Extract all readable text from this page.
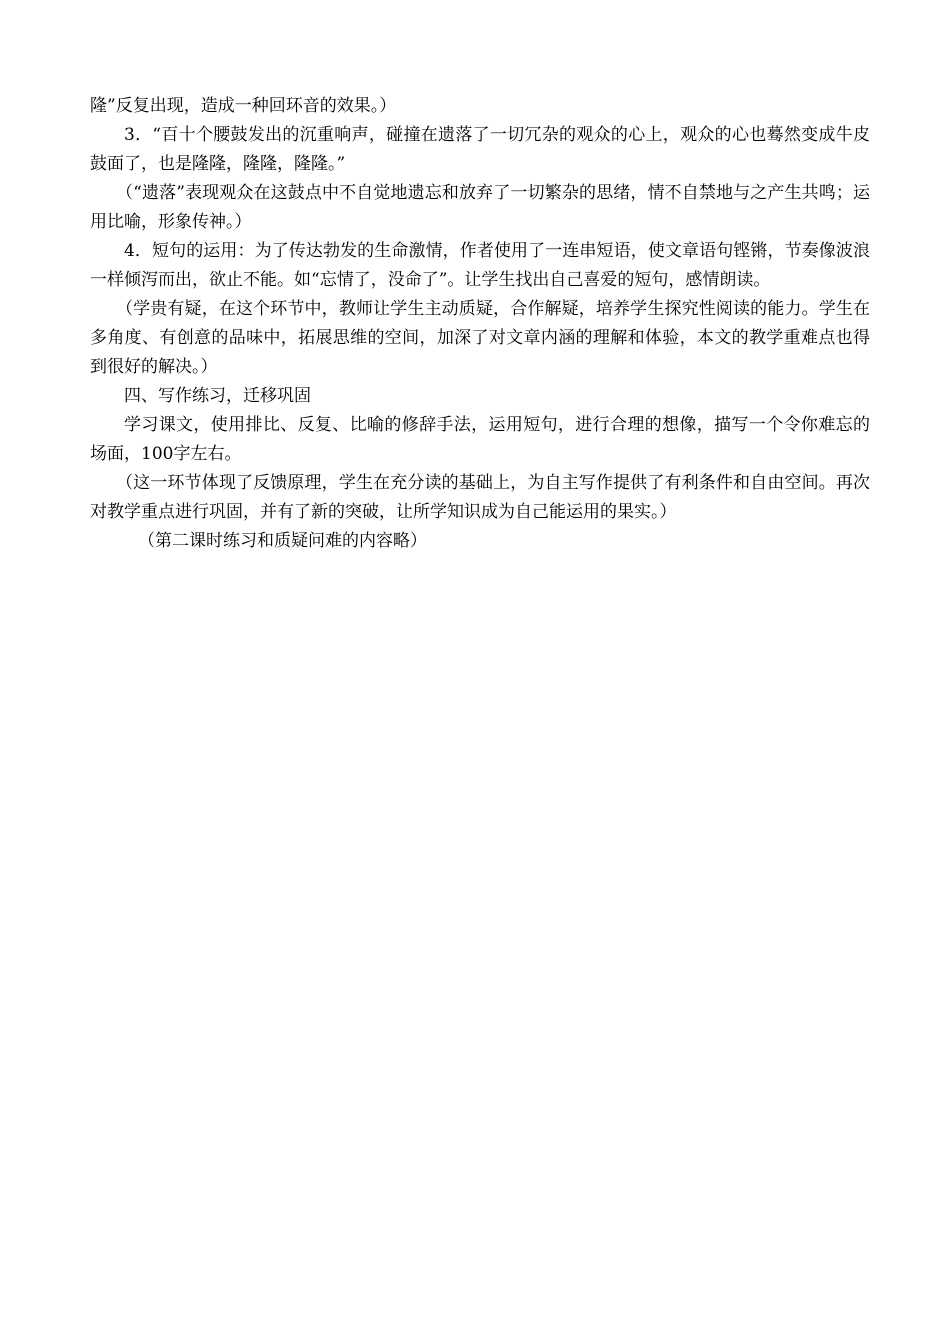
隆”反复出现，造成一种回环音的效果。）

3．“百十个腰鼓发出的沉重响声，碰撞在遗落了一切冗杂的观众的心上，观众的心也蓦然变成牛皮鼓面了，也是隆隆，隆隆，隆隆。”

（“遗落”表现观众在这鼓点中不自觉地遗忘和放弃了一切繁杂的思绪，情不自禁地与之产生共鸣；运用比喻，形象传神。）

4．短句的运用：为了传达勃发的生命激情，作者使用了一连串短语，使文章语句铿锵，节奏像波浪一样倾泻而出，欲止不能。如“忘情了，没命了”。让学生找出自己喜爱的短句，感情朗读。

（学贵有疑，在这个环节中，教师让学生主动质疑，合作解疑，培养学生探究性阅读的能力。学生在多角度、有创意的品味中，拓展思维的空间，加深了对文章内涵的理解和体验，本文的教学重难点也得到很好的解决。）

四、写作练习，迁移巩固

学习课文，使用排比、反复、比喻的修辞手法，运用短句，进行合理的想像，描写一个令你难忘的场面，100字左右。

（这一环节体现了反馈原理，学生在充分读的基础上，为自主写作提供了有利条件和自由空间。再次对教学重点进行巩固，并有了新的突破，让所学知识成为自己能运用的果实。）

（第二课时练习和质疑问难的内容略）
